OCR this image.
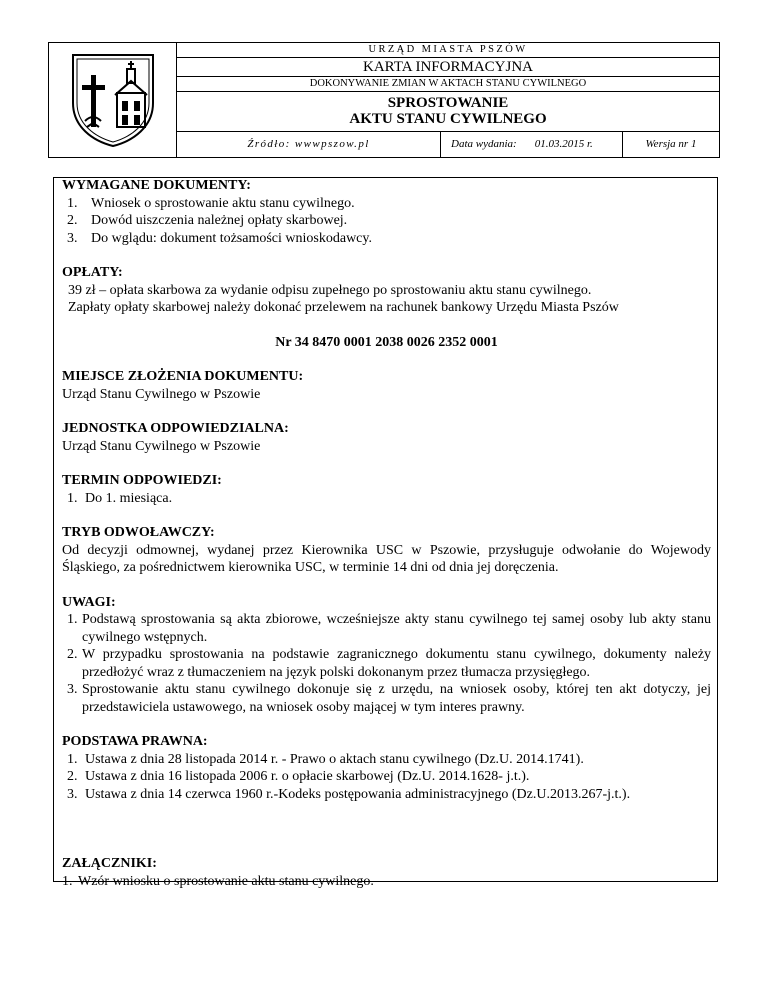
URZĄD MIASTA PSZÓW
KARTA INFORMACYJNA
DOKONYWANIE ZMIAN W AKTACH STANU CYWILNEGO
SPROSTOWANIE
AKTU STANU CYWILNEGO
Źródło: wwwpszow.pl	Data wydania: 01.03.2015 r.	Wersja nr 1
WYMAGANE DOKUMENTY:
1. Wniosek o sprostowanie aktu stanu cywilnego.
2. Dowód uiszczenia należnej opłaty skarbowej.
3. Do wglądu: dokument tożsamości wnioskodawcy.
OPŁATY:
39 zł – opłata skarbowa za wydanie odpisu zupełnego po sprostowaniu aktu stanu cywilnego.
Zapłaty opłaty skarbowej należy dokonać przelewem na rachunek bankowy Urzędu Miasta Pszów
Nr 34 8470 0001 2038 0026 2352 0001
MIEJSCE ZŁOŻENIA DOKUMENTU:
Urząd Stanu Cywilnego w Pszowie
JEDNOSTKA ODPOWIEDZIALNA:
Urząd Stanu Cywilnego w Pszowie
TERMIN ODPOWIEDZI:
1. Do 1. miesiąca.
TRYB ODWOŁAWCZY:
Od decyzji odmownej, wydanej przez Kierownika USC w Pszowie, przysługuje odwołanie do Wojewody Śląskiego, za pośrednictwem kierownika USC, w terminie 14 dni od dnia jej doręczenia.
UWAGI:
1. Podstawą sprostowania są akta zbiorowe, wcześniejsze akty stanu cywilnego tej samej osoby lub akty stanu cywilnego wstępnych.
2. W przypadku sprostowania na podstawie zagranicznego dokumentu stanu cywilnego, dokumenty należy przedłożyć wraz z tłumaczeniem na język polski dokonanym przez tłumacza przysięgłego.
3. Sprostowanie aktu stanu cywilnego dokonuje się z urzędu, na wniosek osoby, której ten akt dotyczy, jej przedstawiciela ustawowego, na wniosek osoby mającej w tym interes prawny.
PODSTAWA PRAWNA:
1. Ustawa z dnia 28 listopada 2014 r. - Prawo o aktach stanu cywilnego (Dz.U. 2014.1741).
2. Ustawa z dnia 16 listopada 2006 r. o opłacie skarbowej (Dz.U. 2014.1628- j.t.).
3. Ustawa z dnia 14 czerwca 1960 r.-Kodeks postępowania administracyjnego (Dz.U.2013.267-j.t.).
ZAŁĄCZNIKI:
1. Wzór wniosku o sprostowanie aktu stanu cywilnego.
